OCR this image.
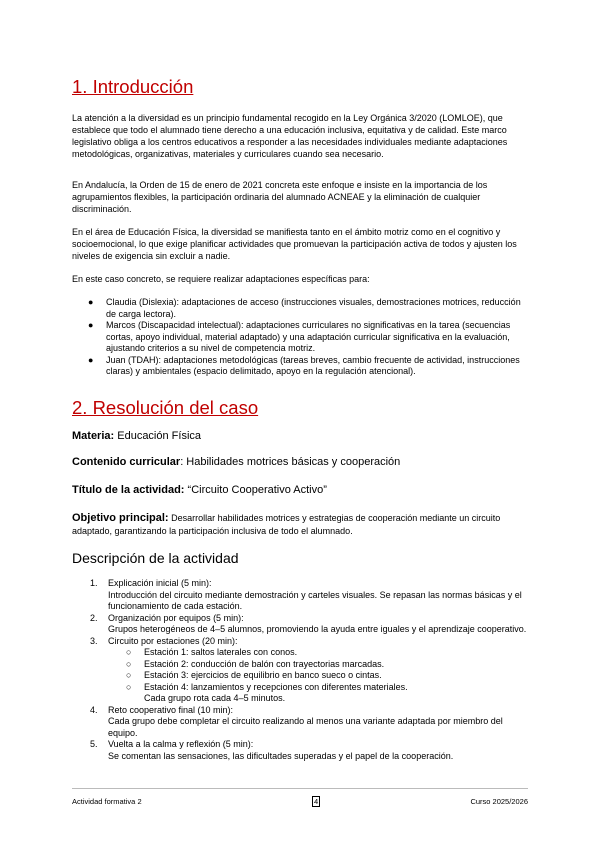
1. Introducción

La atención a la diversidad es un principio fundamental recogido en la Ley Orgánica 3/2020 (LOMLOE), que establece que todo el alumnado tiene derecho a una educación inclusiva, equitativa y de calidad. Este marco legislativo obliga a los centros educativos a responder a las necesidades individuales mediante adaptaciones metodológicas, organizativas, materiales y curriculares cuando sea necesario.

En Andalucía, la Orden de 15 de enero de 2021 concreta este enfoque e insiste en la importancia de los agrupamientos flexibles, la participación ordinaria del alumnado ACNEAE y la eliminación de cualquier discriminación.

En el área de Educación Física, la diversidad se manifiesta tanto en el ámbito motriz como en el cognitivo y socioemocional, lo que exige planificar actividades que promuevan la participación activa de todos y ajusten los niveles de exigencia sin excluir a nadie.

En este caso concreto, se requiere realizar adaptaciones específicas para:

● Claudia (Dislexia): adaptaciones de acceso (instrucciones visuales, demostraciones motrices, reducción de carga lectora).
● Marcos (Discapacidad intelectual): adaptaciones curriculares no significativas en la tarea (secuencias cortas, apoyo individual, material adaptado) y una adaptación curricular significativa en la evaluación, ajustando criterios a su nivel de competencia motriz.
● Juan (TDAH): adaptaciones metodológicas (tareas breves, cambio frecuente de actividad, instrucciones claras) y ambientales (espacio delimitado, apoyo en la regulación atencional).
2. Resolución del caso
Materia: Educación Física
Contenido curricular: Habilidades motrices básicas y cooperación
Título de la actividad: “Circuito Cooperativo Activo”
Objetivo principal: Desarrollar habilidades motrices y estrategias de cooperación mediante un circuito adaptado, garantizando la participación inclusiva de todo el alumnado.
Descripción de la actividad
1. Explicación inicial (5 min):
Introducción del circuito mediante demostración y carteles visuales. Se repasan las normas básicas y el funcionamiento de cada estación.
2. Organización por equipos (5 min):
Grupos heterogéneos de 4–5 alumnos, promoviendo la ayuda entre iguales y el aprendizaje cooperativo.
3. Circuito por estaciones (20 min):
○ Estación 1: saltos laterales con conos.
○ Estación 2: conducción de balón con trayectorias marcadas.
○ Estación 3: ejercicios de equilibrio en banco sueco o cintas.
○ Estación 4: lanzamientos y recepciones con diferentes materiales.
Cada grupo rota cada 4–5 minutos.
4. Reto cooperativo final (10 min):
Cada grupo debe completar el circuito realizando al menos una variante adaptada por miembro del equipo.
5. Vuelta a la calma y reflexión (5 min):
Se comentan las sensaciones, las dificultades superadas y el papel de la cooperación.
Actividad formativa 2	4	Curso 2025/2026
